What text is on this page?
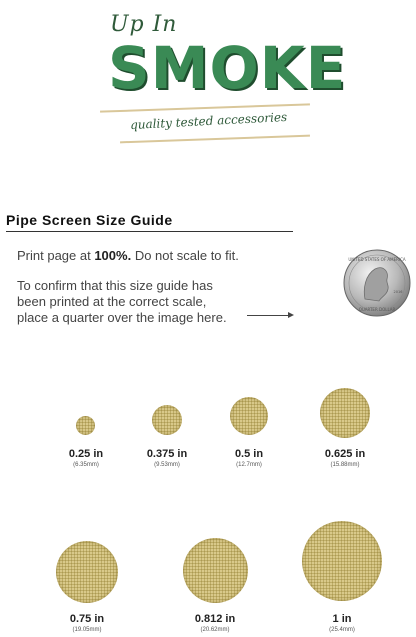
Up In
SMOKE
quality tested accessories
Pipe Screen Size Guide
Print page at 100%. Do not scale to fit.
To confirm that this size guide has
been printed at the correct scale,
place a quarter over the image here.
UNITED STATES OF AMERICA
QUARTER DOLLAR
2016
0.25 in
(6.35mm)
0.375 in
(9.53mm)
0.5 in
(12.7mm)
0.625 in
(15.88mm)
0.75 in
(19.05mm)
0.812 in
(20.62mm)
1 in
(25.4mm)
